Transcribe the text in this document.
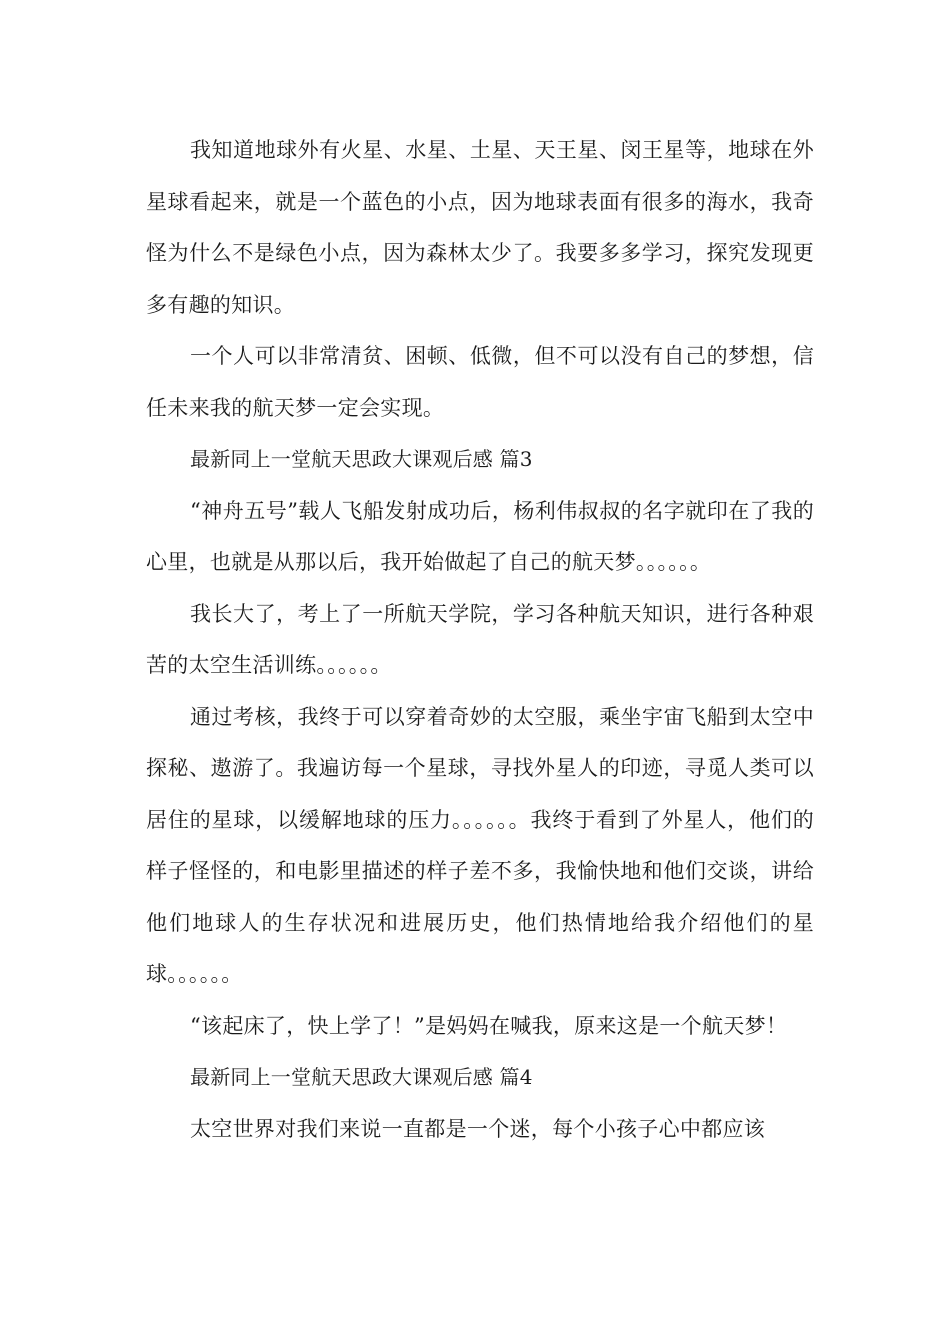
我知道地球外有火星、水星、土星、天王星、闵王星等，地球在外星球看起来，就是一个蓝色的小点，因为地球表面有很多的海水，我奇怪为什么不是绿色小点，因为森林太少了。我要多多学习，探究发现更多有趣的知识。

一个人可以非常清贫、困顿、低微，但不可以没有自己的梦想，信任未来我的航天梦一定会实现。

最新同上一堂航天思政大课观后感 篇3

“神舟五号”载人飞船发射成功后，杨利伟叔叔的名字就印在了我的心里，也就是从那以后，我开始做起了自己的航天梦。。。。。。

我长大了，考上了一所航天学院，学习各种航天知识，进行各种艰苦的太空生活训练。。。。。。

通过考核，我终于可以穿着奇妙的太空服，乘坐宇宙飞船到太空中探秘、遨游了。我遍访每一个星球，寻找外星人的印迹，寻觅人类可以居住的星球，以缓解地球的压力。。。。。。我终于看到了外星人，他们的样子怪怪的，和电影里描述的样子差不多，我愉快地和他们交谈，讲给他们地球人的生存状况和进展历史，他们热情地给我介绍他们的星球。。。。。。

“该起床了，快上学了！”是妈妈在喊我，原来这是一个航天梦！

最新同上一堂航天思政大课观后感 篇4

太空世界对我们来说一直都是一个迷，每个小孩子心中都应该
